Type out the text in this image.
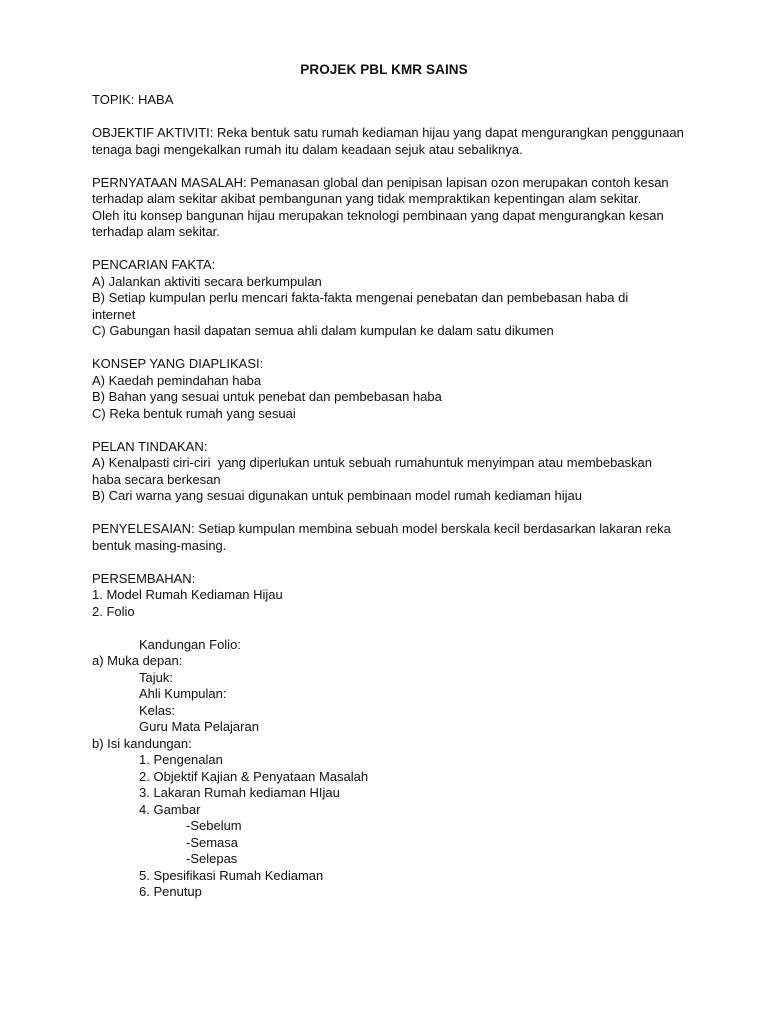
PROJEK PBL KMR SAINS

TOPIK: HABA

OBJEKTIF AKTIVITI: Reka bentuk satu rumah kediaman hijau yang dapat mengurangkan penggunaan

tenaga bagi mengekalkan rumah itu dalam keadaan sejuk atau sebaliknya.

PERNYATAAN MASALAH: Pemanasan global dan penipisan lapisan ozon merupakan contoh kesan

terhadap alam sekitar akibat pembangunan yang tidak mempraktikan kepentingan alam sekitar.

Oleh itu konsep bangunan hijau merupakan teknologi pembinaan yang dapat mengurangkan kesan

terhadap alam sekitar.

PENCARIAN FAKTA:

A) Jalankan aktiviti secara berkumpulan

B) Setiap kumpulan perlu mencari fakta-fakta mengenai penebatan dan pembebasan haba di

internet

C) Gabungan hasil dapatan semua ahli dalam kumpulan ke dalam satu dikumen

KONSEP YANG DIAPLIKASI:

A) Kaedah pemindahan haba

B) Bahan yang sesuai untuk penebat dan pembebasan haba

C) Reka bentuk rumah yang sesuai

PELAN TINDAKAN:

A) Kenalpasti ciri-ciri  yang diperlukan untuk sebuah rumahuntuk menyimpan atau membebaskan

haba secara berkesan

B) Cari warna yang sesuai digunakan untuk pembinaan model rumah kediaman hijau

PENYELESAIAN: Setiap kumpulan membina sebuah model berskala kecil berdasarkan lakaran reka

bentuk masing-masing.

PERSEMBAHAN:

1. Model Rumah Kediaman Hijau

2. Folio

Kandungan Folio:

a) Muka depan:

Tajuk:

Ahli Kumpulan:

Kelas:

Guru Mata Pelajaran

b) Isi kandungan:

1. Pengenalan

2. Objektif Kajian & Penyataan Masalah

3. Lakaran Rumah kediaman HIjau

4. Gambar

-Sebelum

-Semasa

-Selepas

5. Spesifikasi Rumah Kediaman

6. Penutup
